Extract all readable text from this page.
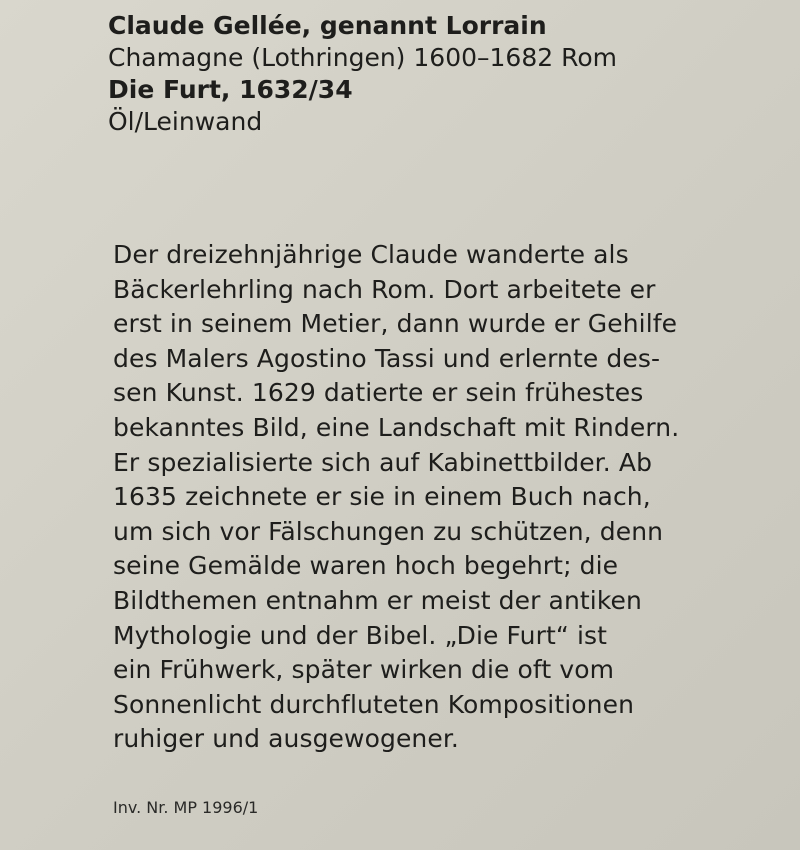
Claude Gellée, genannt Lorrain
Chamagne (Lothringen) 1600–1682 Rom
Die Furt, 1632/34
Öl/Leinwand
Der dreizehnjährige Claude wanderte als
Bäckerlehrling nach Rom. Dort arbeitete er
erst in seinem Metier, dann wurde er Gehilfe
des Malers Agostino Tassi und erlernte des-
sen Kunst. 1629 datierte er sein frühestes
bekanntes Bild, eine Landschaft mit Rindern.
Er spezialisierte sich auf Kabinettbilder. Ab
1635 zeichnete er sie in einem Buch nach,
um sich vor Fälschungen zu schützen, denn
seine Gemälde waren hoch begehrt; die
Bildthemen entnahm er meist der antiken
Mythologie und der Bibel. „Die Furt“ ist
ein Frühwerk, später wirken die oft vom
Sonnenlicht durchfluteten Kompositionen
ruhiger und ausgewogener.
Inv. Nr. MP 1996/1
